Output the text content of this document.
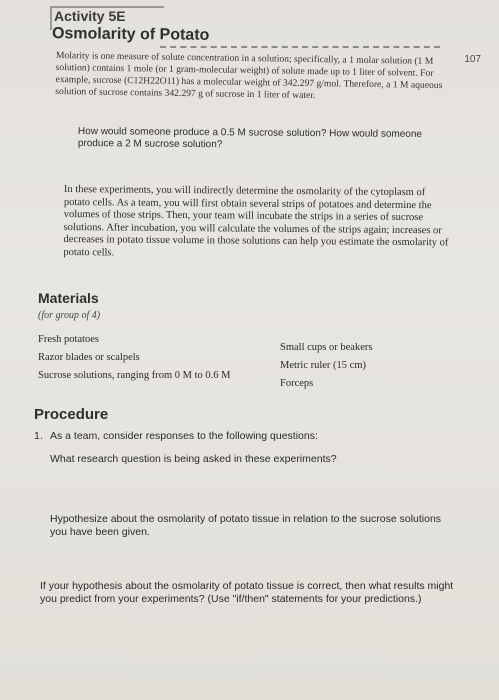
107
Activity 5E
Osmolarity of Potato

Molarity is one measure of solute concentration in a solution; specifically, a 1 molar solution (1 M solution) contains 1 mole (or 1 gram-molecular weight) of solute made up to 1 liter of solvent. For example, sucrose (C12H22O11) has a molecular weight of 342.297 g/mol. Therefore, a 1 M aqueous solution of sucrose contains 342.297 g of sucrose in 1 liter of water.

How would someone produce a 0.5 M sucrose solution? How would someone produce a 2 M sucrose solution?

In these experiments, you will indirectly determine the osmolarity of the cytoplasm of potato cells. As a team, you will first obtain several strips of potatoes and determine the volumes of those strips. Then, your team will incubate the strips in a series of sucrose solutions. After incubation, you will calculate the volumes of the strips again; increases or decreases in potato tissue volume in those solutions can help you estimate the osmolarity of potato cells.

Materials
(for group of 4)
Fresh potatoes
Razor blades or scalpels
Sucrose solutions, ranging from 0 M to 0.6 M
Small cups or beakers
Metric ruler (15 cm)
Forceps
Procedure
1. As a team, consider responses to the following questions:

What research question is being asked in these experiments?

Hypothesize about the osmolarity of potato tissue in relation to the sucrose solutions you have been given.

If your hypothesis about the osmolarity of potato tissue is correct, then what results might you predict from your experiments? (Use "if/then" statements for your predictions.)
